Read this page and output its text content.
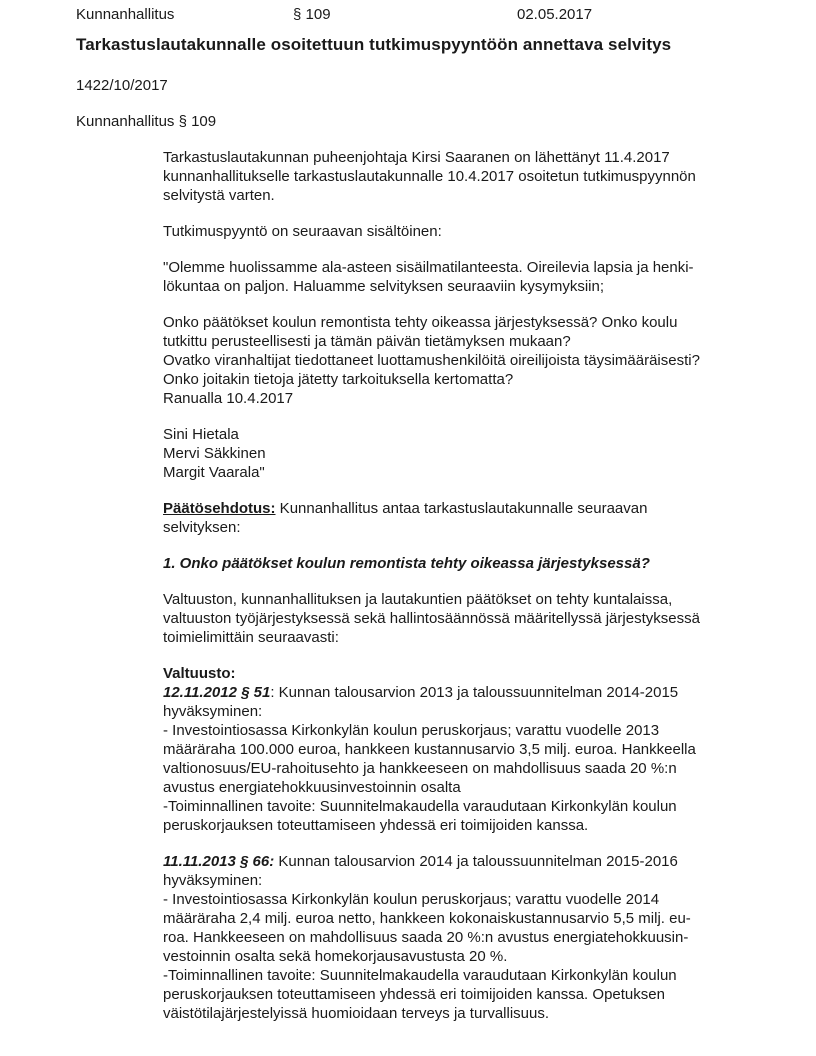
Kunnanhallitus	§ 109	02.05.2017
Tarkastuslautakunnalle osoitettuun tutkimuspyyntöön annettava selvitys
1422/10/2017
Kunnanhallitus § 109
Tarkastuslautakunnan puheenjohtaja Kirsi Saaranen on lähettänyt 11.4.2017
kunnanhallitukselle tarkastuslautakunnalle 10.4.2017 osoitetun tutkimuspyynnön
selvitystä varten.
Tutkimuspyyntö on seuraavan sisältöinen:
"Olemme huolissamme ala-asteen sisäilmatilanteesta. Oireilevia lapsia ja henki-
lökuntaa on paljon. Haluamme selvityksen seuraaviin kysymyksiin;
Onko päätökset koulun remontista tehty oikeassa järjestyksessä? Onko koulu
tutkittu perusteellisesti ja tämän päivän tietämyksen mukaan?
Ovatko viranhaltijat tiedottaneet luottamushenkilöitä oireilijoista täysimääräisesti?
Onko joitakin tietoja jätetty tarkoituksella kertomatta?
Ranualla 10.4.2017
Sini Hietala
Mervi Säkkinen
Margit Vaarala"
Päätösehdotus: Kunnanhallitus antaa tarkastuslautakunnalle seuraavan
selvityksen:
1. Onko päätökset koulun remontista tehty oikeassa järjestyksessä?
Valtuuston, kunnanhallituksen ja lautakuntien päätökset on tehty kuntalaissa,
valtuuston työjärjestyksessä sekä hallintosäännössä määritellyssä järjestyksessä
toimielimittäin seuraavasti:
Valtuusto:
12.11.2012 § 51: Kunnan talousarvion 2013 ja taloussuunnitelman 2014-2015
hyväksyminen:
- Investointiosassa Kirkonkylän koulun peruskorjaus; varattu vuodelle 2013
määräraha 100.000 euroa, hankkeen kustannusarvio 3,5 milj. euroa. Hankkeella
valtionosuus/EU-rahoitusehto ja hankkeeseen on mahdollisuus saada 20 %:n
avustus energiatehokkuusinvestoinnin osalta
-Toiminnallinen tavoite: Suunnitelmakaudella varaudutaan Kirkonkylän koulun
peruskorjauksen toteuttamiseen yhdessä eri toimijoiden kanssa.
11.11.2013 § 66: Kunnan talousarvion 2014 ja taloussuunnitelman 2015-2016
hyväksyminen:
- Investointiosassa Kirkonkylän koulun peruskorjaus; varattu vuodelle 2014
määräraha 2,4 milj. euroa netto, hankkeen kokonaiskustannusarvio 5,5 milj. eu-
roa. Hankkeeseen on mahdollisuus saada 20 %:n avustus energiatehokkuusin-
vestoinnin osalta sekä homekorjausavustusta 20 %.
-Toiminnallinen tavoite: Suunnitelmakaudella varaudutaan Kirkonkylän koulun
peruskorjauksen toteuttamiseen yhdessä eri toimijoiden kanssa. Opetuksen
väistötilajärjestelyissä huomioidaan terveys ja turvallisuus.
